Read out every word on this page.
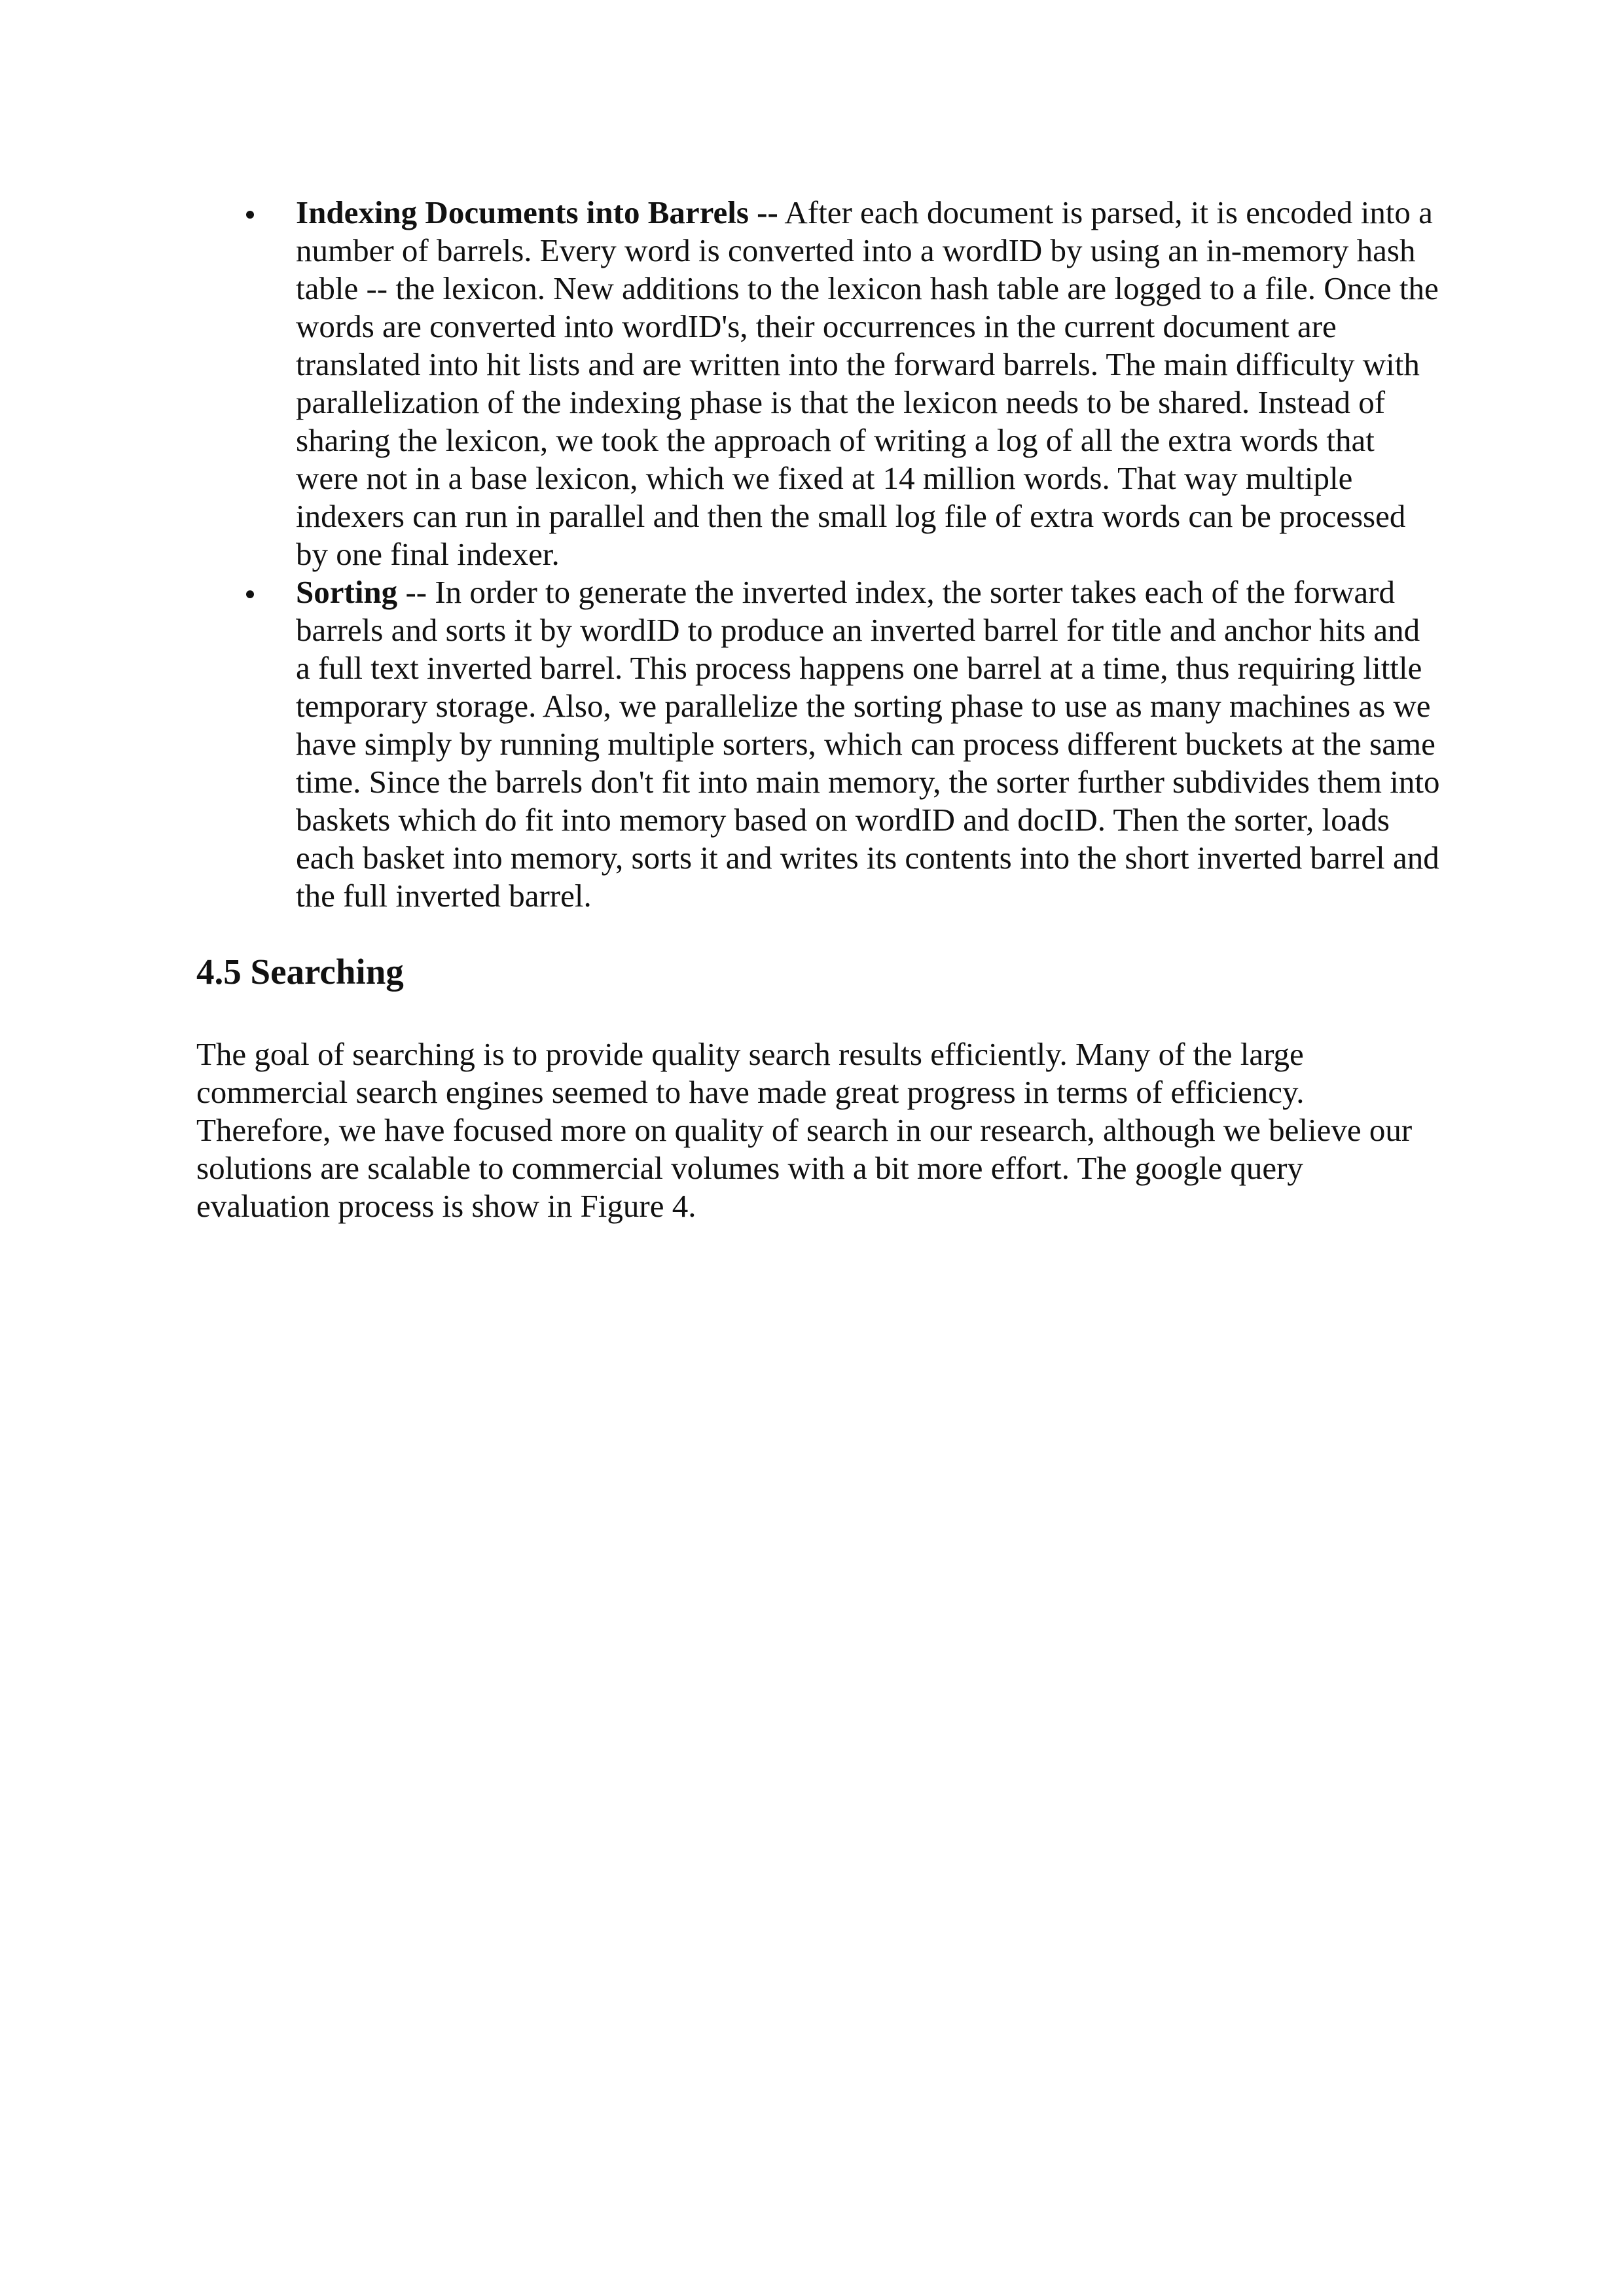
Indexing Documents into Barrels -- After each document is parsed, it is encoded into a number of barrels. Every word is converted into a wordID by using an in-memory hash table -- the lexicon. New additions to the lexicon hash table are logged to a file. Once the words are converted into wordID's, their occurrences in the current document are translated into hit lists and are written into the forward barrels. The main difficulty with parallelization of the indexing phase is that the lexicon needs to be shared. Instead of sharing the lexicon, we took the approach of writing a log of all the extra words that were not in a base lexicon, which we fixed at 14 million words. That way multiple indexers can run in parallel and then the small log file of extra words can be processed by one final indexer.
Sorting -- In order to generate the inverted index, the sorter takes each of the forward barrels and sorts it by wordID to produce an inverted barrel for title and anchor hits and a full text inverted barrel. This process happens one barrel at a time, thus requiring little temporary storage. Also, we parallelize the sorting phase to use as many machines as we have simply by running multiple sorters, which can process different buckets at the same time. Since the barrels don't fit into main memory, the sorter further subdivides them into baskets which do fit into memory based on wordID and docID. Then the sorter, loads each basket into memory, sorts it and writes its contents into the short inverted barrel and the full inverted barrel.
4.5 Searching

The goal of searching is to provide quality search results efficiently. Many of the large commercial search engines seemed to have made great progress in terms of efficiency. Therefore, we have focused more on quality of search in our research, although we believe our solutions are scalable to commercial volumes with a bit more effort. The google query evaluation process is show in Figure 4.
